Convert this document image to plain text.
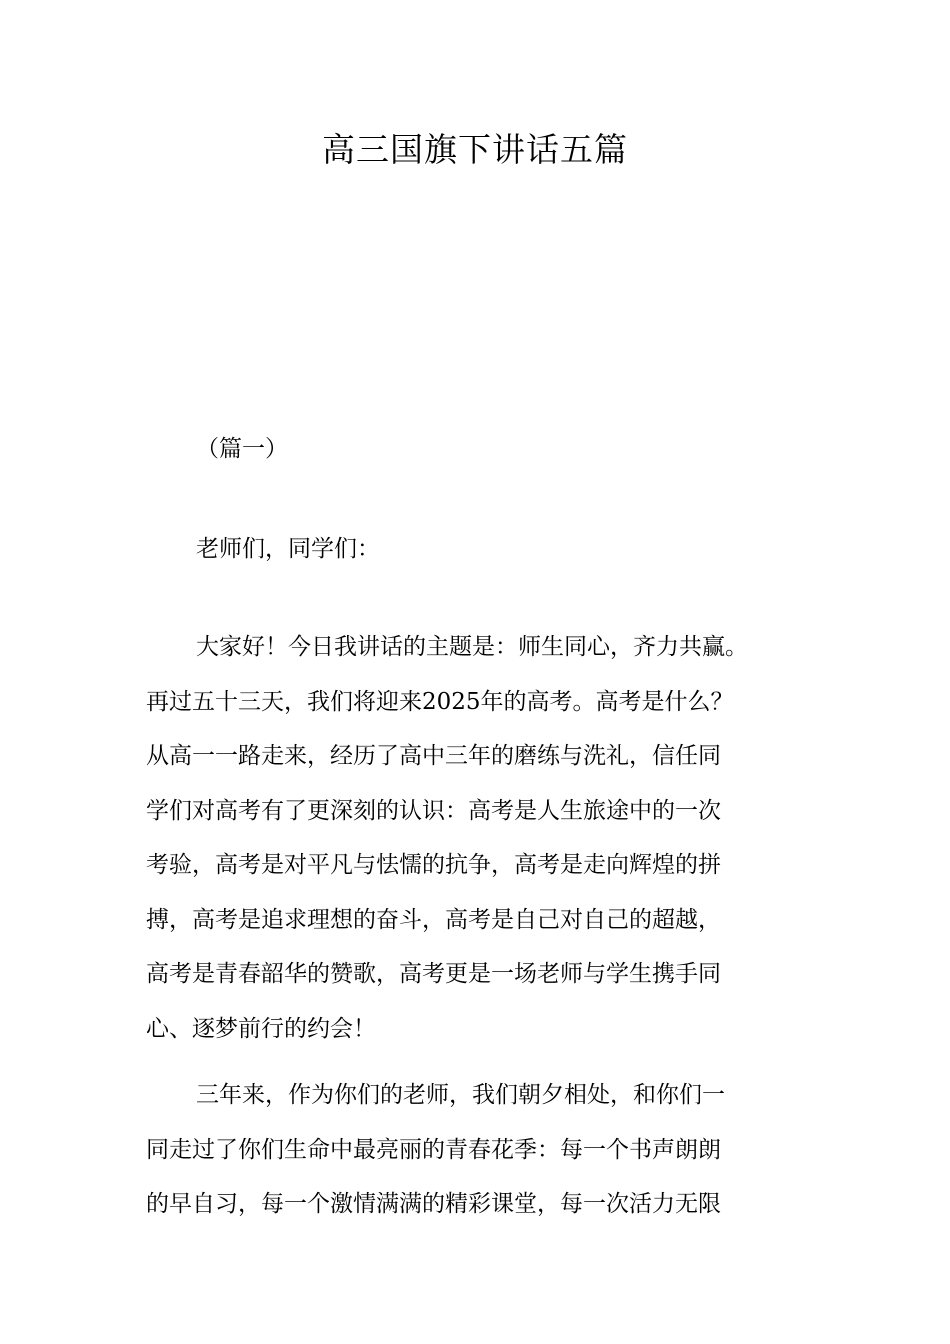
高三国旗下讲话五篇

（篇一）

老师们，同学们：

大家好！今日我讲话的主题是：师生同心，齐力共赢。
再过五十三天，我们将迎来2025年的高考。高考是什么？
从高一一路走来，经历了高中三年的磨练与洗礼，信任同
学们对高考有了更深刻的认识：高考是人生旅途中的一次
考验，高考是对平凡与怯懦的抗争，高考是走向辉煌的拼
搏，高考是追求理想的奋斗，高考是自己对自己的超越，
高考是青春韶华的赞歌，高考更是一场老师与学生携手同
心、逐梦前行的约会！
三年来，作为你们的老师，我们朝夕相处，和你们一
同走过了你们生命中最亮丽的青春花季：每一个书声朗朗
的早自习，每一个激情满满的精彩课堂，每一次活力无限
